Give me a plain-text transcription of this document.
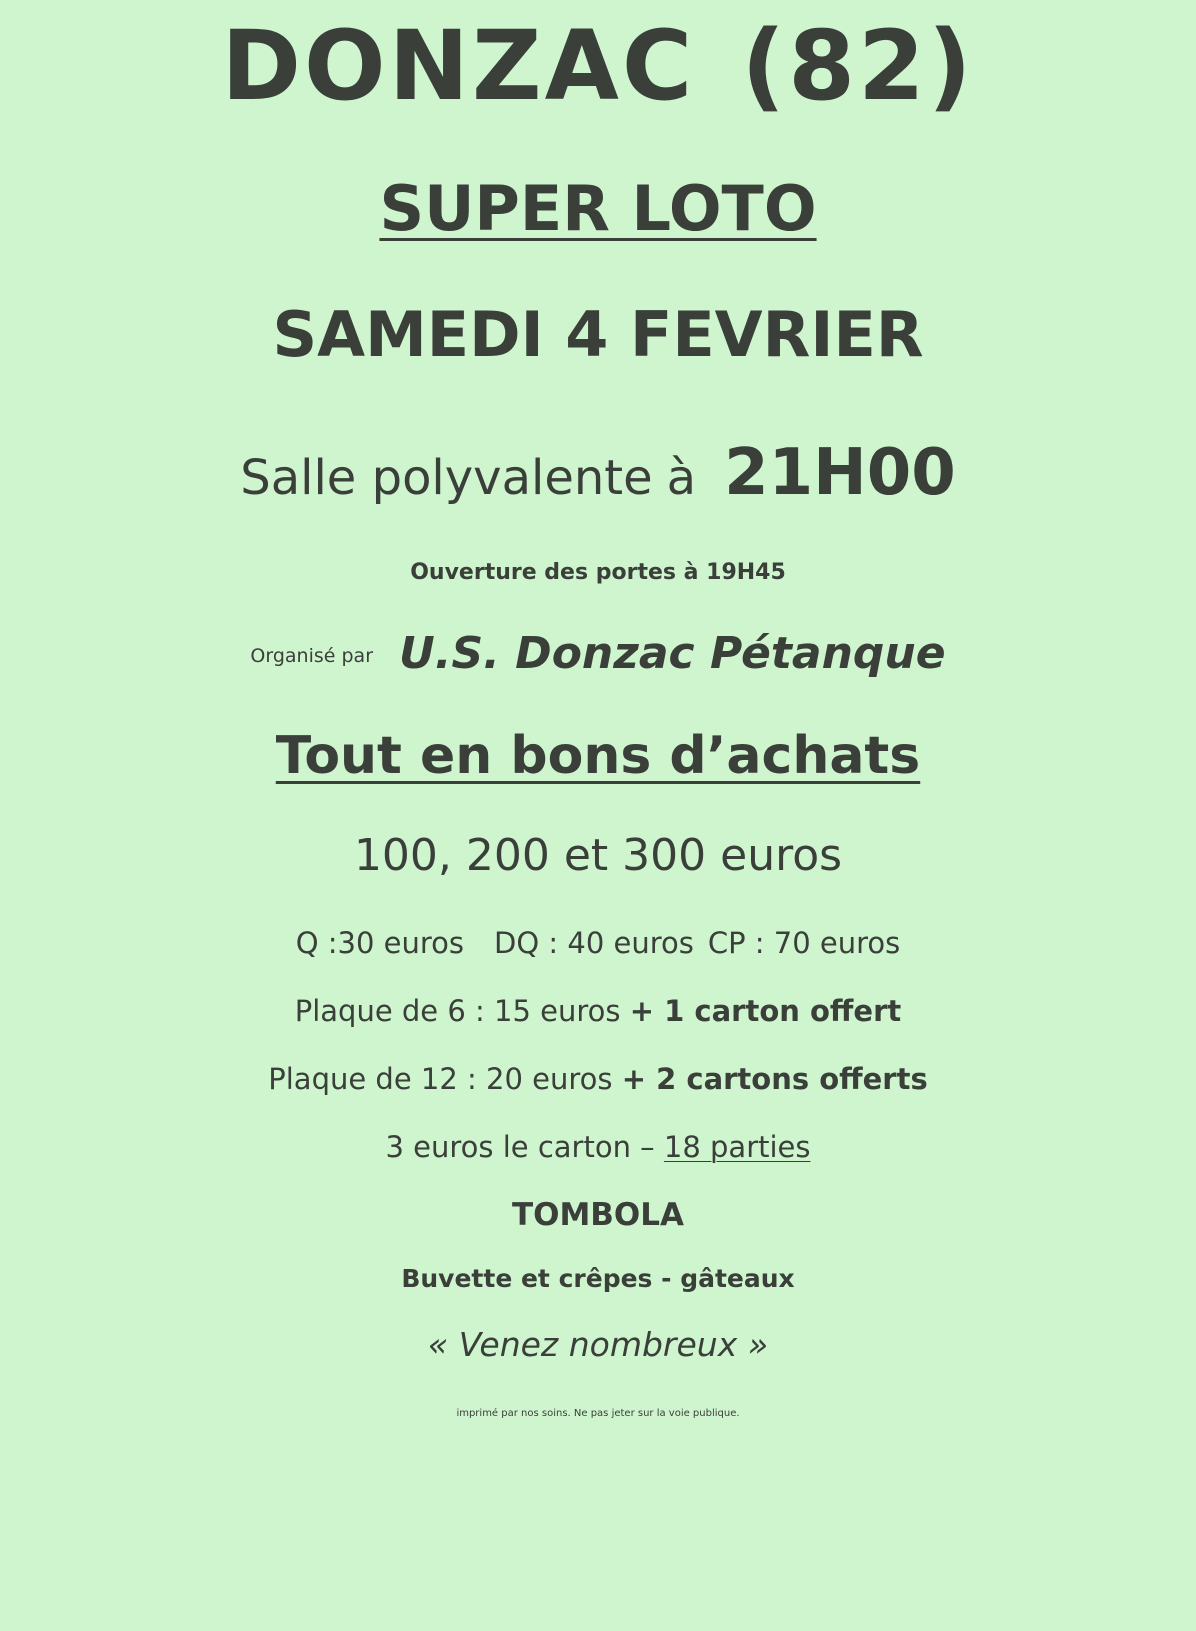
DONZAC (82)
SUPER LOTO
SAMEDI 4 FEVRIER
Salle polyvalente à 21H00
Ouverture des portes à 19H45
Organisé par U.S. Donzac Pétanque
Tout en bons d’achats
100, 200 et 300 euros
Q :30 euros DQ : 40 euros CP : 70 euros
Plaque de 6 : 15 euros + 1 carton offert
Plaque de 12 : 20 euros + 2 cartons offerts
3 euros le carton – 18 parties
TOMBOLA
Buvette et crêpes - gâteaux
« Venez nombreux »
imprimé par nos soins. Ne pas jeter sur la voie publique.
